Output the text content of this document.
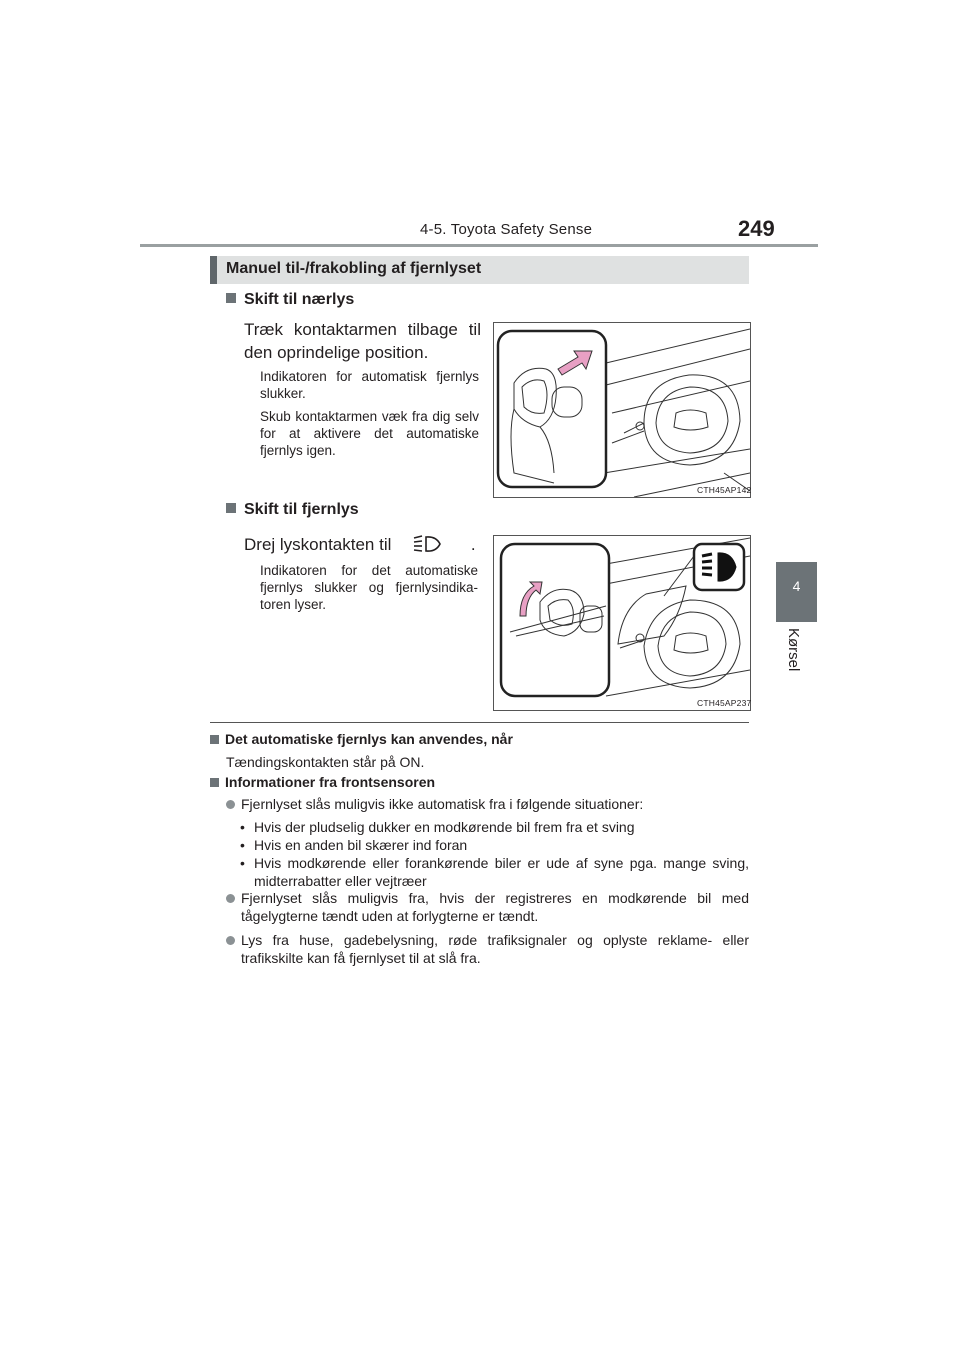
4-5. Toyota Safety Sense	249
4
Kørsel
Manuel til-/frakobling af fjernlyset
Skift til nærlys
Træk kontaktarmen tilbage til den oprindelige position.
Indikatoren for automatisk fjernlys slukker.
Skub kontaktarmen væk fra dig selv for at aktivere det automatiske fjernlys igen.
CTH45AP142
Skift til fjernlys
Drej lyskontakten til	.
Indikatoren for det automatiske fjernlys slukker og fjernlysindika-toren lyser.
CTH45AP237
Det automatiske fjernlys kan anvendes, når
Tændingskontakten står på ON.
Informationer fra frontsensoren
Fjernlyset slås muligvis ikke automatisk fra i følgende situationer:
• Hvis der pludselig dukker en modkørende bil frem fra et sving
• Hvis en anden bil skærer ind foran
• Hvis modkørende eller forankørende biler er ude af syne pga. mange sving, midterrabatter eller vejtræer
Fjernlyset slås muligvis fra, hvis der registreres en modkørende bil med tågelygterne tændt uden at forlygterne er tændt.
Lys fra huse, gadebelysning, røde trafiksignaler og oplyste reklame- eller trafikskilte kan få fjernlyset til at slå fra.
